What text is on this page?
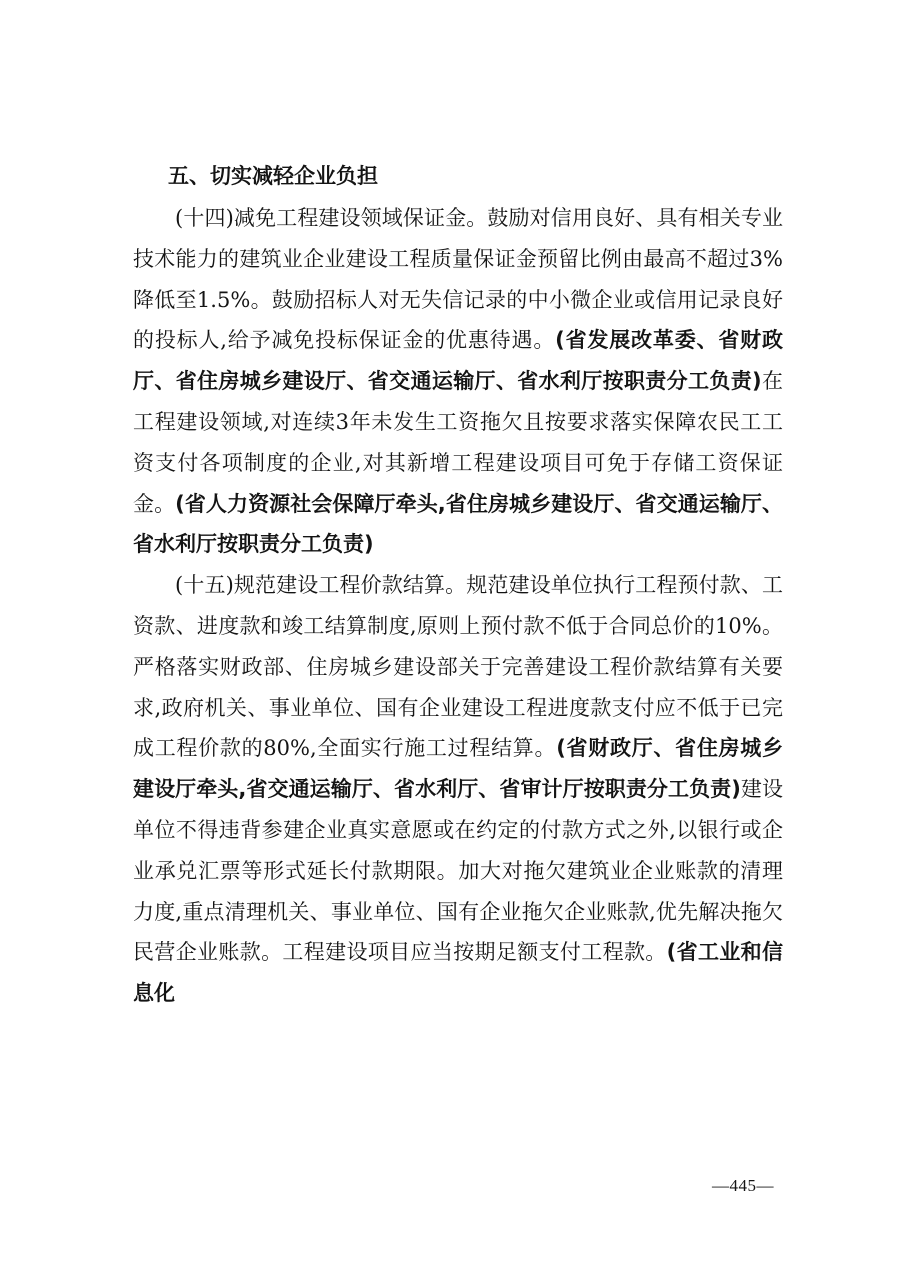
五、切实减轻企业负担

(十四)减免工程建设领域保证金。鼓励对信用良好、具有相关专业技术能力的建筑业企业建设工程质量保证金预留比例由最高不超过3%降低至1.5%。鼓励招标人对无失信记录的中小微企业或信用记录良好的投标人,给予减免投标保证金的优惠待遇。(省发展改革委、省财政厅、省住房城乡建设厅、省交通运输厅、省水利厅按职责分工负责)在工程建设领域,对连续3年未发生工资拖欠且按要求落实保障农民工工资支付各项制度的企业,对其新增工程建设项目可免于存储工资保证金。(省人力资源社会保障厅牵头,省住房城乡建设厅、省交通运输厅、省水利厅按职责分工负责)

(十五)规范建设工程价款结算。规范建设单位执行工程预付款、工资款、进度款和竣工结算制度,原则上预付款不低于合同总价的10%。严格落实财政部、住房城乡建设部关于完善建设工程价款结算有关要求,政府机关、事业单位、国有企业建设工程进度款支付应不低于已完成工程价款的80%,全面实行施工过程结算。(省财政厅、省住房城乡建设厅牵头,省交通运输厅、省水利厅、省审计厅按职责分工负责)建设单位不得违背参建企业真实意愿或在约定的付款方式之外,以银行或企业承兑汇票等形式延长付款期限。加大对拖欠建筑业企业账款的清理力度,重点清理机关、事业单位、国有企业拖欠企业账款,优先解决拖欠民营企业账款。工程建设项目应当按期足额支付工程款。(省工业和信息化

—445—
